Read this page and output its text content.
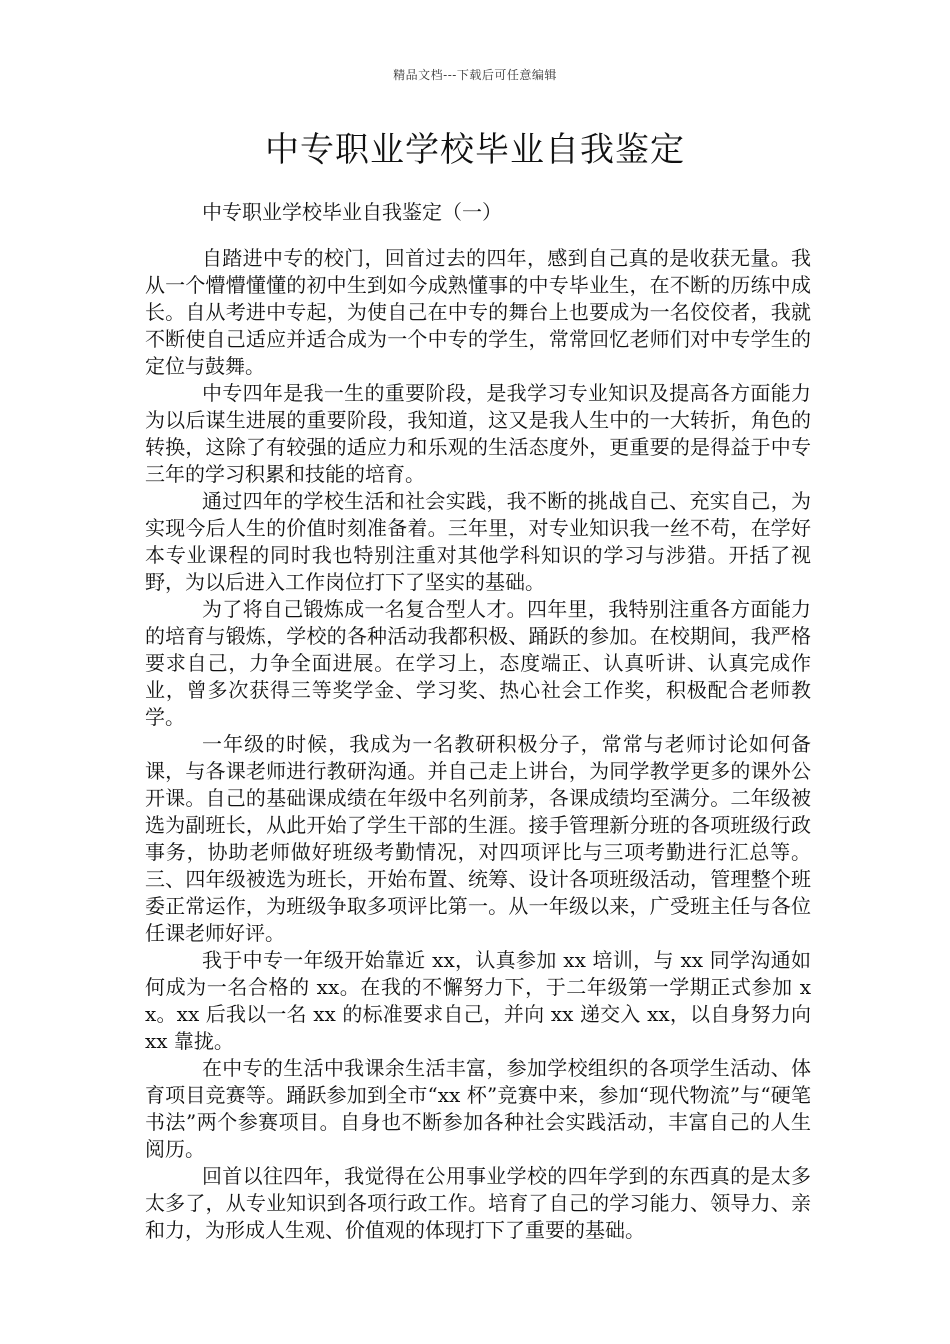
精品文档---下载后可任意编辑
中专职业学校毕业自我鉴定

中专职业学校毕业自我鉴定（一）

自踏进中专的校门，回首过去的四年，感到自己真的是收获无量。我从一个懵懵懂懂的初中生到如今成熟懂事的中专毕业生，在不断的历练中成长。自从考进中专起，为使自己在中专的舞台上也要成为一名佼佼者，我就不断使自己适应并适合成为一个中专的学生，常常回忆老师们对中专学生的定位与鼓舞。

中专四年是我一生的重要阶段，是我学习专业知识及提高各方面能力为以后谋生进展的重要阶段，我知道，这又是我人生中的一大转折，角色的转换，这除了有较强的适应力和乐观的生活态度外，更重要的是得益于中专三年的学习积累和技能的培育。

通过四年的学校生活和社会实践，我不断的挑战自己、充实自己，为实现今后人生的价值时刻准备着。三年里，对专业知识我一丝不苟，在学好本专业课程的同时我也特别注重对其他学科知识的学习与涉猎。开括了视野，为以后进入工作岗位打下了坚实的基础。

为了将自己锻炼成一名复合型人才。四年里，我特别注重各方面能力的培育与锻炼，学校的各种活动我都积极、踊跃的参加。在校期间，我严格要求自己，力争全面进展。在学习上，态度端正、认真听讲、认真完成作业，曾多次获得三等奖学金、学习奖、热心社会工作奖，积极配合老师教学。

一年级的时候，我成为一名教研积极分子，常常与老师讨论如何备课，与各课老师进行教研沟通。并自己走上讲台，为同学教学更多的课外公开课。自己的基础课成绩在年级中名列前茅，各课成绩均至满分。二年级被选为副班长，从此开始了学生干部的生涯。接手管理新分班的各项班级行政事务，协助老师做好班级考勤情况，对四项评比与三项考勤进行汇总等。三、四年级被选为班长，开始布置、统筹、设计各项班级活动，管理整个班委正常运作，为班级争取多项评比第一。从一年级以来，广受班主任与各位任课老师好评。

我于中专一年级开始靠近 xx，认真参加 xx 培训，与 xx 同学沟通如何成为一名合格的 xx。在我的不懈努力下，于二年级第一学期正式参加 xx。xx 后我以一名 xx 的标准要求自己，并向 xx 递交入 xx，以自身努力向 xx 靠拢。

在中专的生活中我课余生活丰富，参加学校组织的各项学生活动、体育项目竞赛等。踊跃参加到全市“xx 杯”竞赛中来，参加“现代物流”与“硬笔书法”两个参赛项目。自身也不断参加各种社会实践活动，丰富自己的人生阅历。

回首以往四年，我觉得在公用事业学校的四年学到的东西真的是太多太多了，从专业知识到各项行政工作。培育了自己的学习能力、领导力、亲和力，为形成人生观、价值观的体现打下了重要的基础。
